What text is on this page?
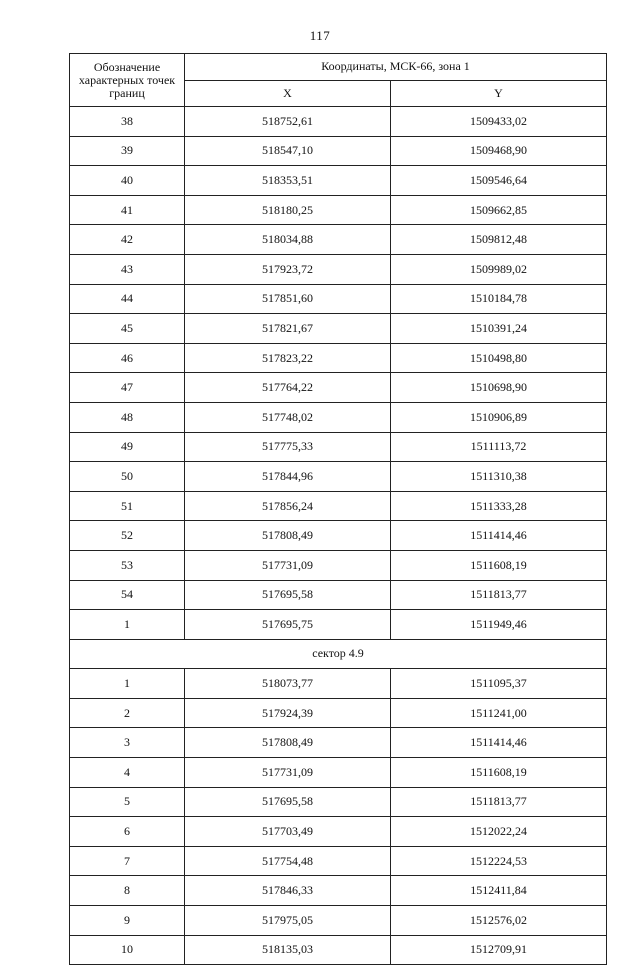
117
Обозначение характерных точек границ	Координаты, МСК-66, зона 1	
	X	Y
38	518752,61	1509433,02
39	518547,10	1509468,90
40	518353,51	1509546,64
41	518180,25	1509662,85
42	518034,88	1509812,48
43	517923,72	1509989,02
44	517851,60	1510184,78
45	517821,67	1510391,24
46	517823,22	1510498,80
47	517764,22	1510698,90
48	517748,02	1510906,89
49	517775,33	1511113,72
50	517844,96	1511310,38
51	517856,24	1511333,28
52	517808,49	1511414,46
53	517731,09	1511608,19
54	517695,58	1511813,77
1	517695,75	1511949,46
сектор 4.9		
1	518073,77	1511095,37
2	517924,39	1511241,00
3	517808,49	1511414,46
4	517731,09	1511608,19
5	517695,58	1511813,77
6	517703,49	1512022,24
7	517754,48	1512224,53
8	517846,33	1512411,84
9	517975,05	1512576,02
10	518135,03	1512709,91
